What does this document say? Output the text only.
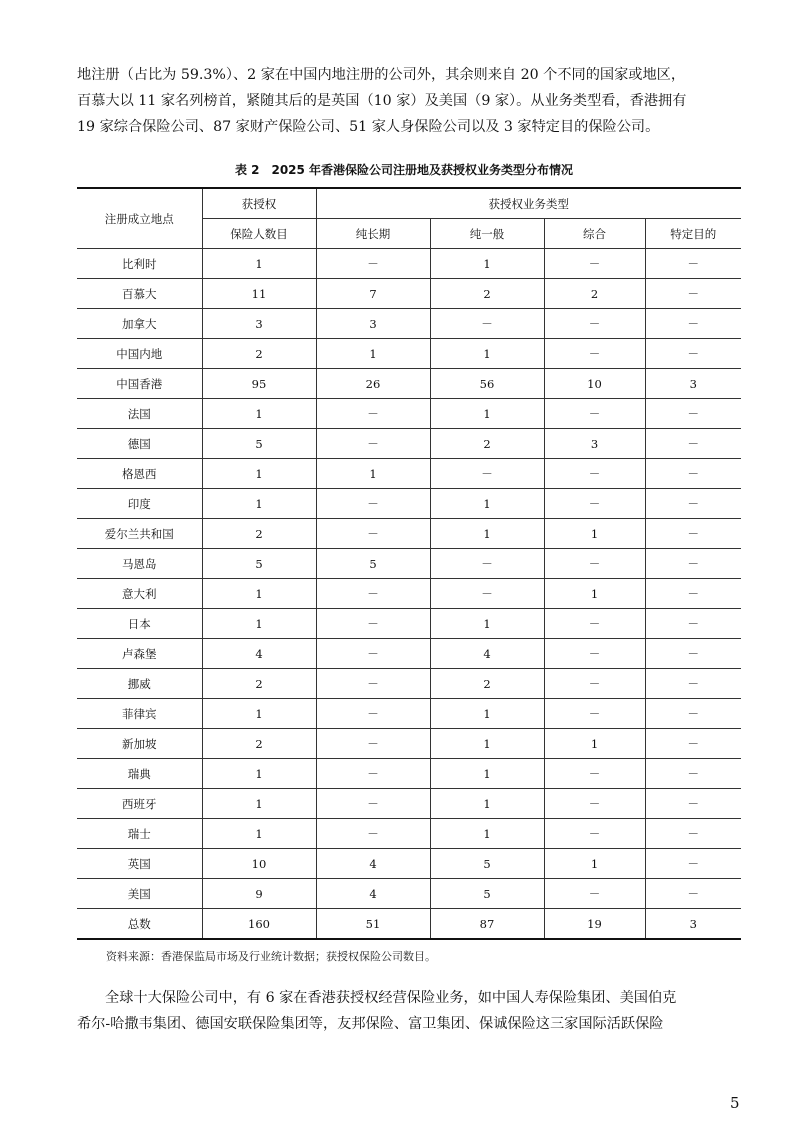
地注册（占比为 59.3%）、2 家在中国内地注册的公司外，其余则来自 20 个不同的国家或地区，

百慕大以 11 家名列榜首，紧随其后的是英国（10 家）及美国（9 家）。从业务类型看，香港拥有

19 家综合保险公司、87 家财产保险公司、51 家人身保险公司以及 3 家特定目的保险公司。

表 2　2025 年香港保险公司注册地及获授权业务类型分布情况
注册成立地点	获授权	获授权业务类型			
	保险人数目	纯长期	纯一般	综合	特定目的
比利时	1	－	1	－	－
百慕大	11	7	2	2	－
加拿大	3	3	－	－	－
中国内地	2	1	1	－	－
中国香港	95	26	56	10	3
法国	1	－	1	－	－
德国	5	－	2	3	－
格恩西	1	1	－	－	－
印度	1	－	1	－	－
爱尔兰共和国	2	－	1	1	－
马恩岛	5	5	－	－	－
意大利	1	－	－	1	－
日本	1	－	1	－	－
卢森堡	4	－	4	－	－
挪威	2	－	2	－	－
菲律宾	1	－	1	－	－
新加坡	2	－	1	1	－
瑞典	1	－	1	－	－
西班牙	1	－	1	－	－
瑞士	1	－	1	－	－
英国	10	4	5	1	－
美国	9	4	5	－	－
总数	160	51	87	19	3
资料来源：香港保监局市场及行业统计数据；获授权保险公司数目。

全球十大保险公司中，有 6 家在香港获授权经营保险业务，如中国人寿保险集团、美国伯克

希尔-哈撒韦集团、德国安联保险集团等，友邦保险、富卫集团、保诚保险这三家国际活跃保险

5
